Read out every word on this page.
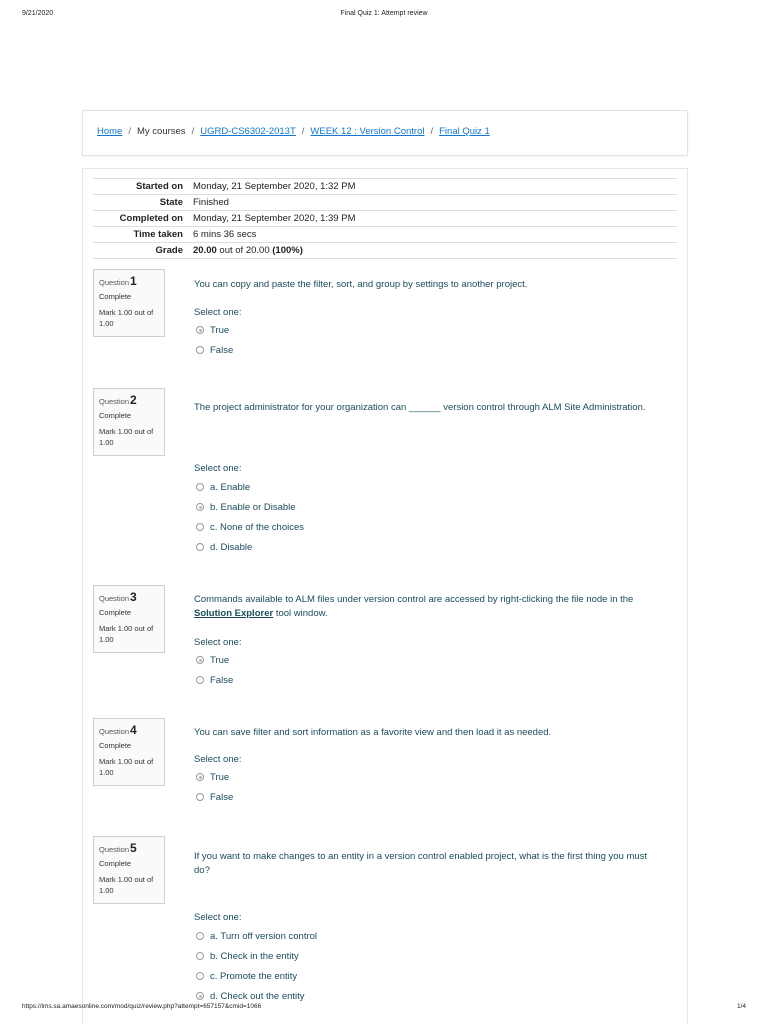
9/21/2020	Final Quiz 1: Attempt review
Home / My courses / UGRD-CS6302-2013T / WEEK 12 : Version Control / Final Quiz 1
Started on	Monday, 21 September 2020, 1:32 PM
State	Finished
Completed on	Monday, 21 September 2020, 1:39 PM
Time taken	6 mins 36 secs
Grade	20.00 out of 20.00 (100%)
Question1
Complete
Mark 1.00 out of 1.00
You can copy and paste the filter, sort, and group by settings to another project.
Select one:
True
False
Question2
Complete
Mark 1.00 out of 1.00
The project administrator for your organization can ______ version control through ALM Site Administration.
Select one:
a. Enable
b. Enable or Disable
c. None of the choices
d. Disable
Question3
Complete
Mark 1.00 out of 1.00
Commands available to ALM files under version control are accessed by right-clicking the file node in the Solution Explorer tool window.
Select one:
True
False
Question4
Complete
Mark 1.00 out of 1.00
You can save filter and sort information as a favorite view and then load it as needed.
Select one:
True
False
Question5
Complete
Mark 1.00 out of 1.00
If you want to make changes to an entity in a version control enabled project, what is the first thing you must do?
Select one:
a. Turn off version control
b. Check in the entity
c. Promote the entity
d. Check out the entity
https://lms.sa.amaesonline.com/mod/quiz/review.php?attempt=657157&cmid=1066	1/4
